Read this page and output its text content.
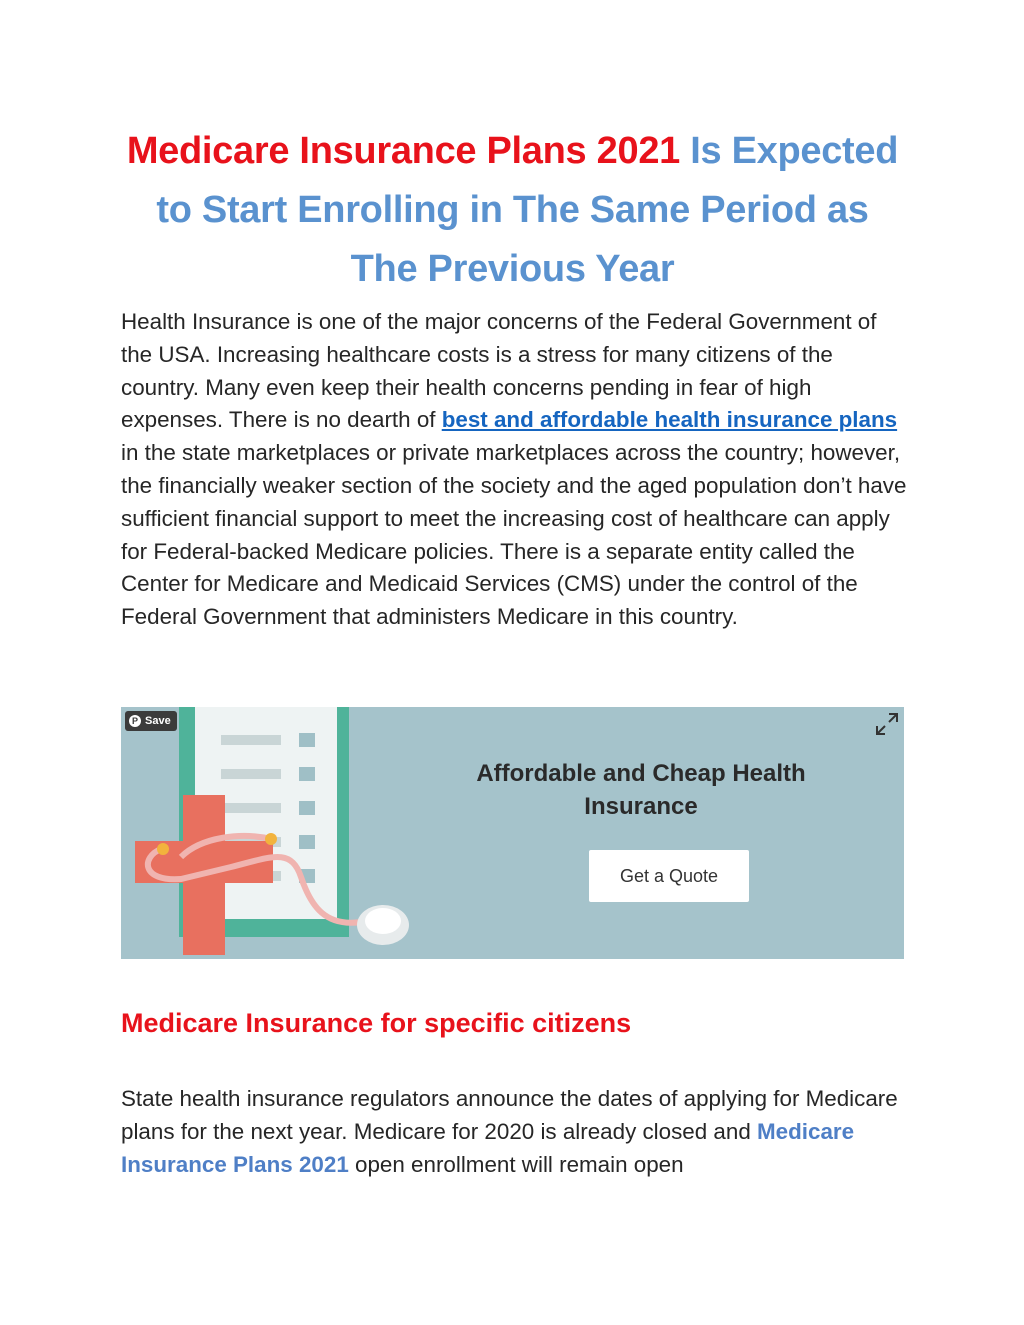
Medicare Insurance Plans 2021 Is Expected to Start Enrolling in The Same Period as The Previous Year

Health Insurance is one of the major concerns of the Federal Government of the USA. Increasing healthcare costs is a stress for many citizens of the country. Many even keep their health concerns pending in fear of high expenses. There is no dearth of best and affordable health insurance plans in the state marketplaces or private marketplaces across the country; however, the financially weaker section of the society and the aged population don’t have sufficient financial support to meet the increasing cost of healthcare can apply for Federal-backed Medicare policies. There is a separate entity called the Center for Medicare and Medicaid Services (CMS) under the control of the Federal Government that administers Medicare in this country.

P Save
Affordable and Cheap Health Insurance
Get a Quote
Medicare Insurance for specific citizens

State health insurance regulators announce the dates of applying for Medicare plans for the next year. Medicare for 2020 is already closed and Medicare Insurance Plans 2021 open enrollment will remain open
